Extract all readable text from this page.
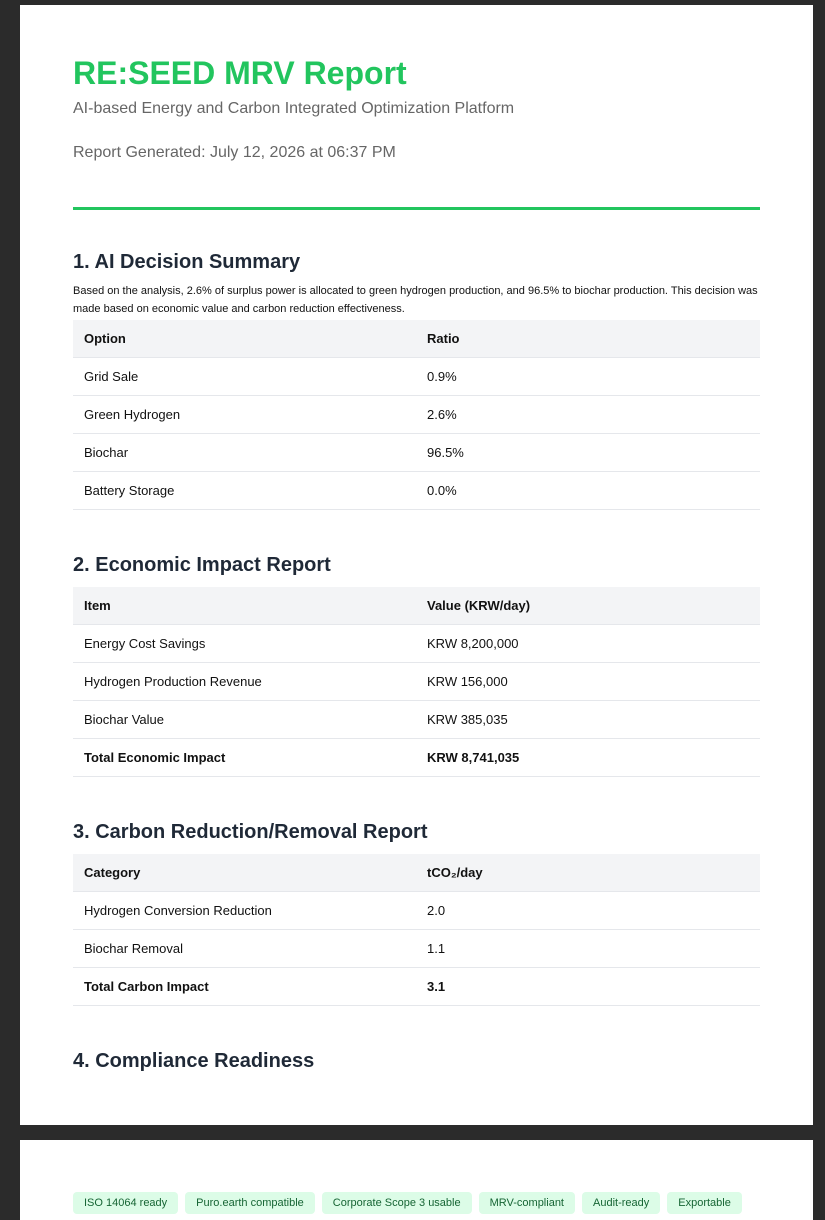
RE:SEED MRV Report
AI-based Energy and Carbon Integrated Optimization Platform
Report Generated: July 12, 2026 at 06:37 PM
1. AI Decision Summary
Based on the analysis, 2.6% of surplus power is allocated to green hydrogen production, and 96.5% to biochar production. This decision was made based on economic value and carbon reduction effectiveness.
Option	Ratio
Grid Sale	0.9%
Green Hydrogen	2.6%
Biochar	96.5%
Battery Storage	0.0%
2. Economic Impact Report
Item	Value (KRW/day)
Energy Cost Savings	KRW 8,200,000
Hydrogen Production Revenue	KRW 156,000
Biochar Value	KRW 385,035
Total Economic Impact	KRW 8,741,035
3. Carbon Reduction/Removal Report
Category	tCO₂/day
Hydrogen Conversion Reduction	2.0
Biochar Removal	1.1
Total Carbon Impact	3.1
4. Compliance Readiness
ISO 14064 ready	Puro.earth compatible	Corporate Scope 3 usable	MRV-compliant	Audit-ready	Exportable
